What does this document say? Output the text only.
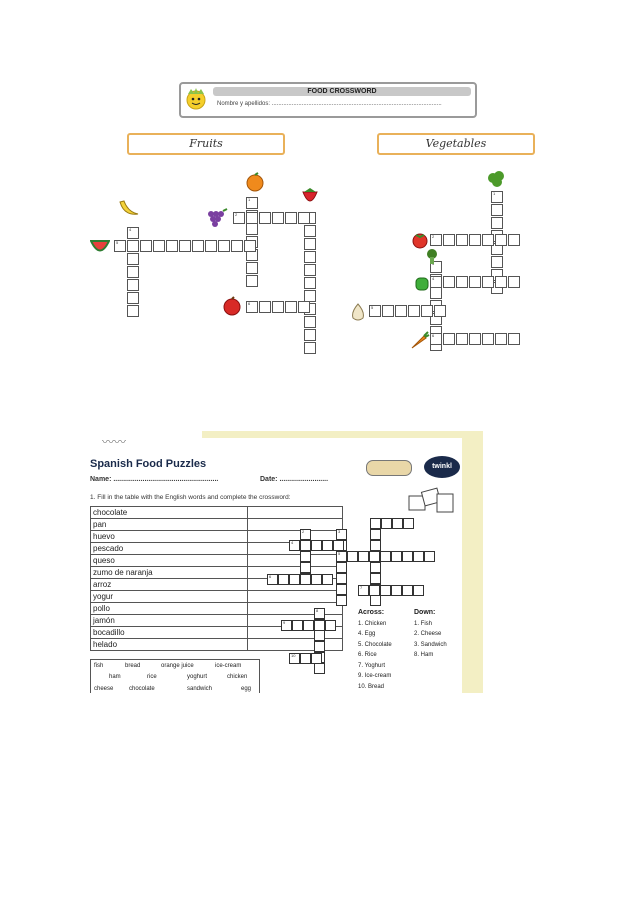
FOOD CROSSWORD
Nombre y apellidos: ......................................................................................................
Fruits	Vegetables
4
1
2
5
6
1
2
4
5
6
〰〰
Spanish Food Puzzles	twinkl
Name: ......................................................	Date: .........................
1. Fill in the table with the English words and complete the crossword:
chocolate	
pan	
huevo	
pescado	
queso	
zumo de naranja	
arroz	
yogur	
pollo	
jamón	
bocadillo	
helado	
fish	bread	orange juice	ice-cream
ham	rice	yoghurt	chicken
cheese	chocolate	sandwich	egg
2	3
4
5
6
7
8
9
10
Across:
1. Chicken
4. Egg
5. Chocolate
6. Rice
7. Yoghurt
9. Ice-cream
10. Bread
Down:
1. Fish
2. Cheese
3. Sandwich
8. Ham
